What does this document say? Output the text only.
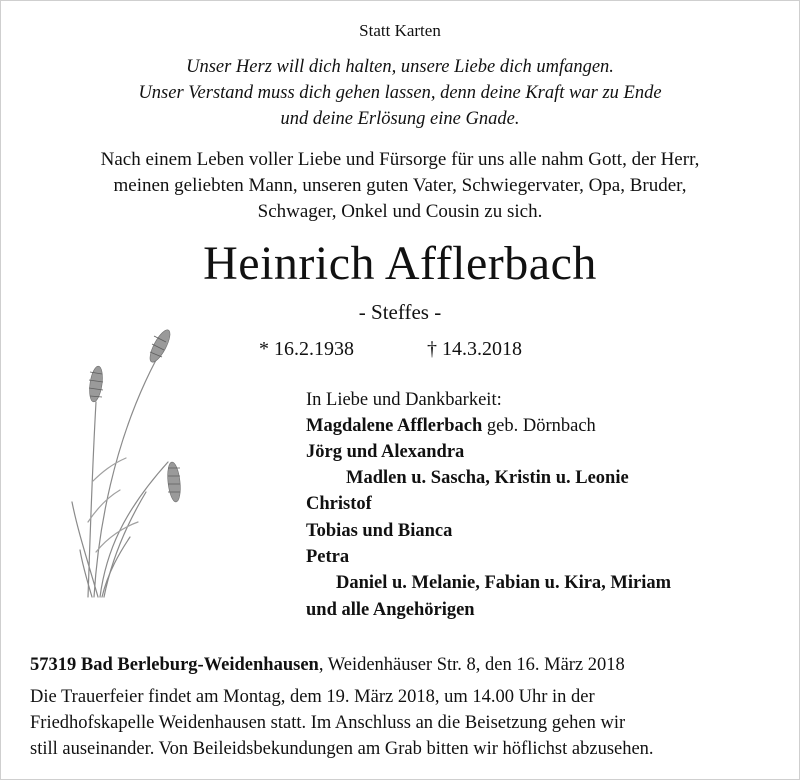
Statt Karten
Unser Herz will dich halten, unsere Liebe dich umfangen.
Unser Verstand muss dich gehen lassen, denn deine Kraft war zu Ende
und deine Erlösung eine Gnade.
Nach einem Leben voller Liebe und Fürsorge für uns alle nahm Gott, der Herr,
meinen geliebten Mann, unseren guten Vater, Schwiegervater, Opa, Bruder,
Schwager, Onkel und Cousin zu sich.
Heinrich Afflerbach
- Steffes -
* 16.2.1938	† 14.3.2018
In Liebe und Dankbarkeit:
Magdalene Afflerbach geb. Dörnbach
Jörg und Alexandra
Madlen u. Sascha, Kristin u. Leonie
Christof
Tobias und Bianca
Petra
Daniel u. Melanie, Fabian u. Kira, Miriam
und alle Angehörigen
57319 Bad Berleburg-Weidenhausen, Weidenhäuser Str. 8, den 16. März 2018
Die Trauerfeier findet am Montag, dem 19. März 2018, um 14.00 Uhr in der
Friedhofskapelle Weidenhausen statt. Im Anschluss an die Beisetzung gehen wir
still auseinander. Von Beileidsbekundungen am Grab bitten wir höflichst abzusehen.
